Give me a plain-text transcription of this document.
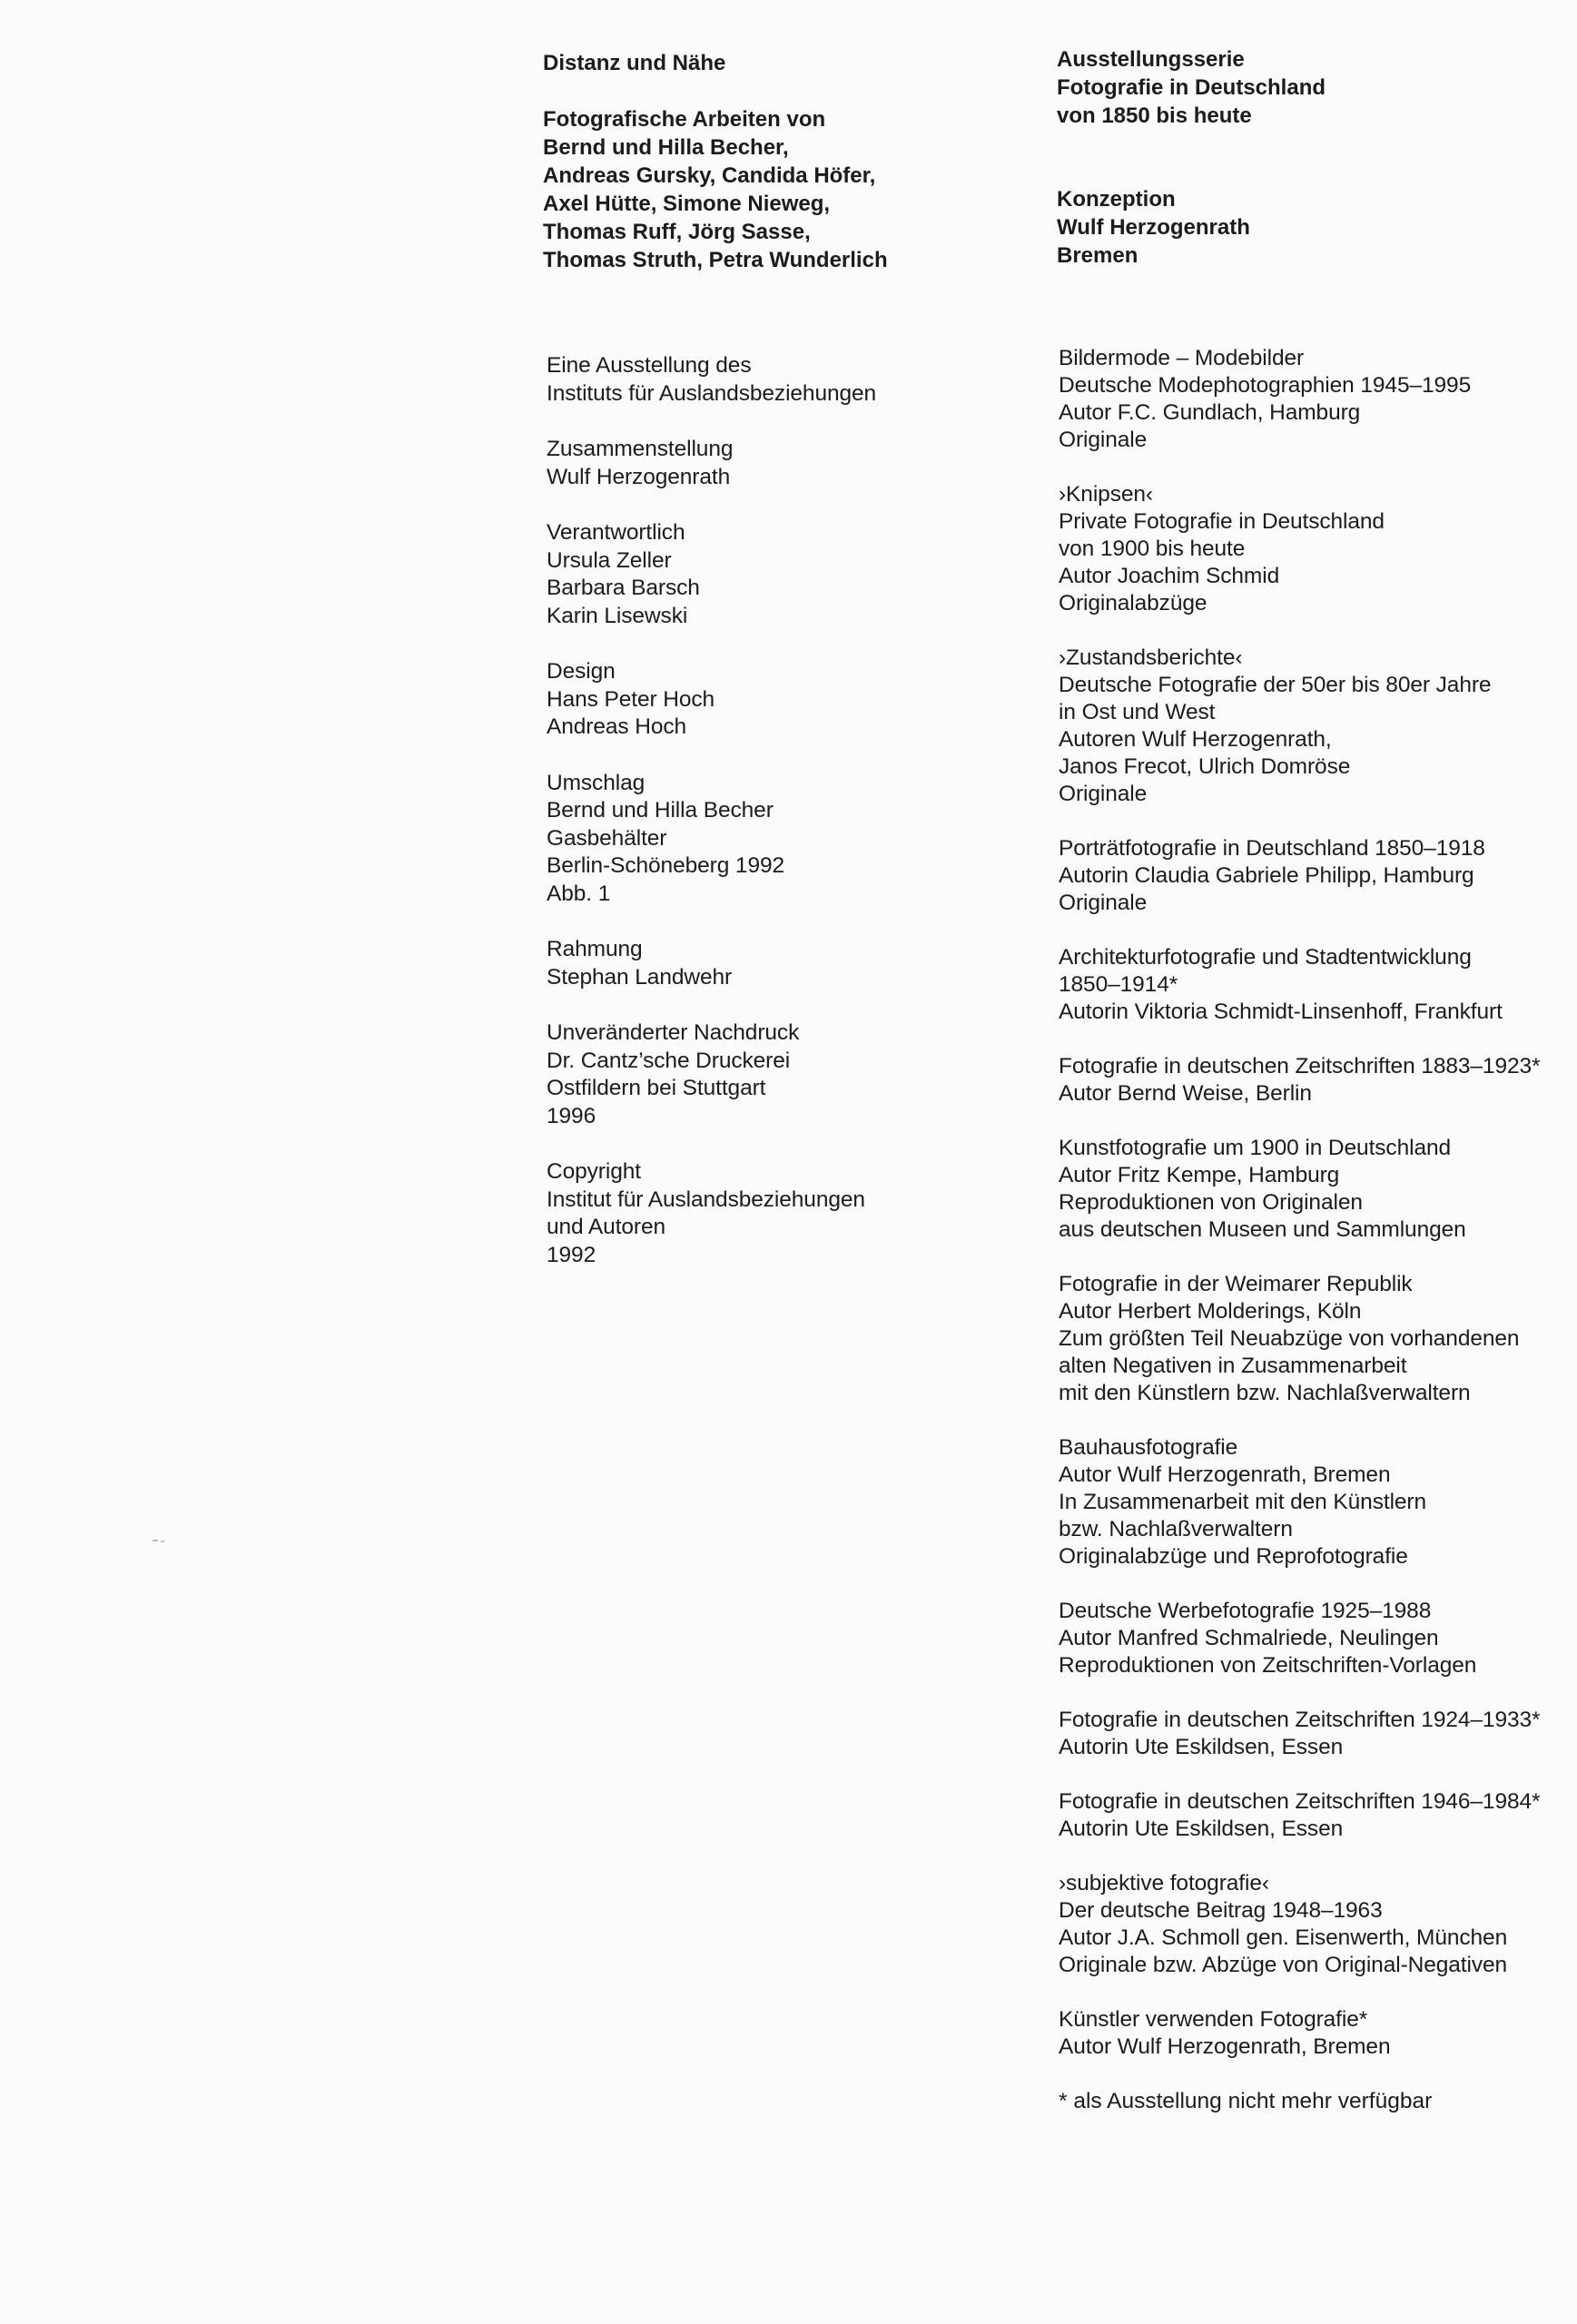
Distanz und Nähe
Fotografische Arbeiten von
Bernd und Hilla Becher,
Andreas Gursky, Candida Höfer,
Axel Hütte, Simone Nieweg,
Thomas Ruff, Jörg Sasse,
Thomas Struth, Petra Wunderlich
Ausstellungsserie
Fotografie in Deutschland
von 1850 bis heute
Konzeption
Wulf Herzogenrath
Bremen
Eine Ausstellung des
Instituts für Auslandsbeziehungen
Zusammenstellung
Wulf Herzogenrath
Verantwortlich
Ursula Zeller
Barbara Barsch
Karin Lisewski
Design
Hans Peter Hoch
Andreas Hoch
Umschlag
Bernd und Hilla Becher
Gasbehälter
Berlin-Schöneberg 1992
Abb. 1
Rahmung
Stephan Landwehr
Unveränderter Nachdruck
Dr. Cantz’sche Druckerei
Ostfildern bei Stuttgart
1996
Copyright
Institut für Auslandsbeziehungen
und Autoren
1992
Bildermode – Modebilder
Deutsche Modephotographien 1945–1995
Autor F.C. Gundlach, Hamburg
Originale
›Knipsen‹
Private Fotografie in Deutschland
von 1900 bis heute
Autor Joachim Schmid
Originalabzüge
›Zustandsberichte‹
Deutsche Fotografie der 50er bis 80er Jahre
in Ost und West
Autoren Wulf Herzogenrath,
Janos Frecot, Ulrich Domröse
Originale
Porträtfotografie in Deutschland 1850–1918
Autorin Claudia Gabriele Philipp, Hamburg
Originale
Architekturfotografie und Stadtentwicklung
1850–1914*
Autorin Viktoria Schmidt-Linsenhoff, Frankfurt
Fotografie in deutschen Zeitschriften 1883–1923*
Autor Bernd Weise, Berlin
Kunstfotografie um 1900 in Deutschland
Autor Fritz Kempe, Hamburg
Reproduktionen von Originalen
aus deutschen Museen und Sammlungen
Fotografie in der Weimarer Republik
Autor Herbert Molderings, Köln
Zum größten Teil Neuabzüge von vorhandenen
alten Negativen in Zusammenarbeit
mit den Künstlern bzw. Nachlaßverwaltern
Bauhausfotografie
Autor Wulf Herzogenrath, Bremen
In Zusammenarbeit mit den Künstlern
bzw. Nachlaßverwaltern
Originalabzüge und Reprofotografie
Deutsche Werbefotografie 1925–1988
Autor Manfred Schmalriede, Neulingen
Reproduktionen von Zeitschriften-Vorlagen
Fotografie in deutschen Zeitschriften 1924–1933*
Autorin Ute Eskildsen, Essen
Fotografie in deutschen Zeitschriften 1946–1984*
Autorin Ute Eskildsen, Essen
›subjektive fotografie‹
Der deutsche Beitrag 1948–1963
Autor J.A. Schmoll gen. Eisenwerth, München
Originale bzw. Abzüge von Original-Negativen
Künstler verwenden Fotografie*
Autor Wulf Herzogenrath, Bremen
* als Ausstellung nicht mehr verfügbar
